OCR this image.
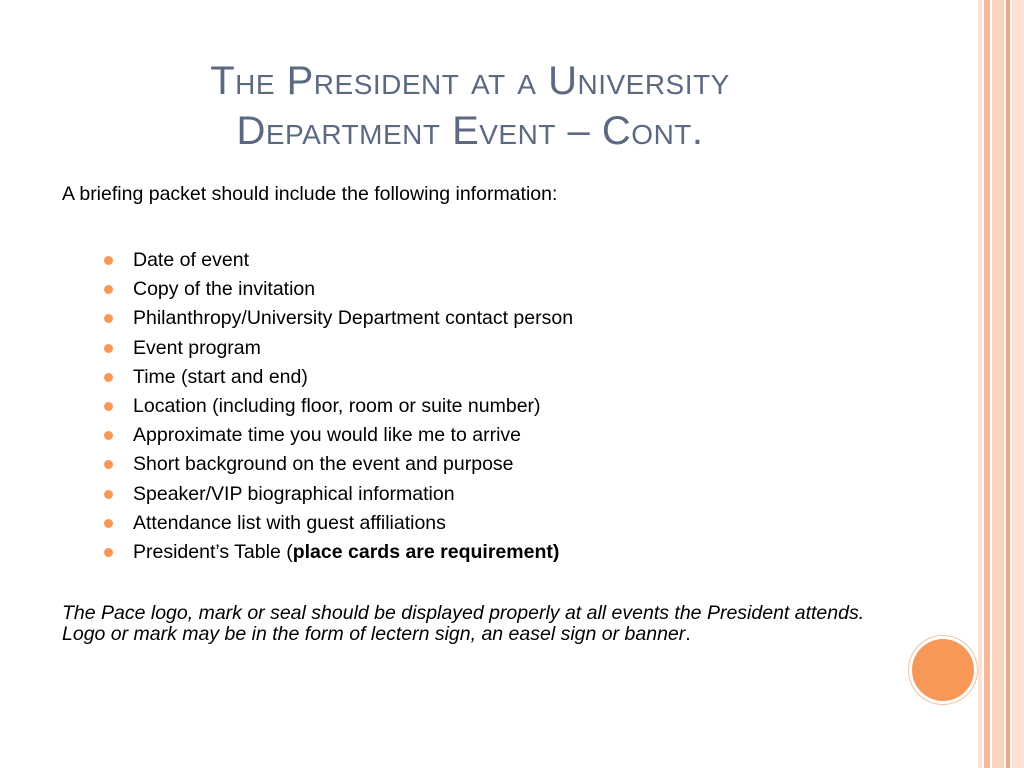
The President at a University
Department Event – Cont.
A briefing packet should include the following information:
Date of event
Copy of the invitation
Philanthropy/University Department contact person
Event program
Time (start and end)
Location (including floor, room or suite number)
Approximate time you would like me to arrive
Short background on the event and purpose
Speaker/VIP biographical information
Attendance list with guest affiliations
President’s Table (place cards are requirement)
The Pace logo, mark or seal should be displayed properly at all events the President attends. Logo or mark may be in the form of lectern sign, an easel sign or banner.
